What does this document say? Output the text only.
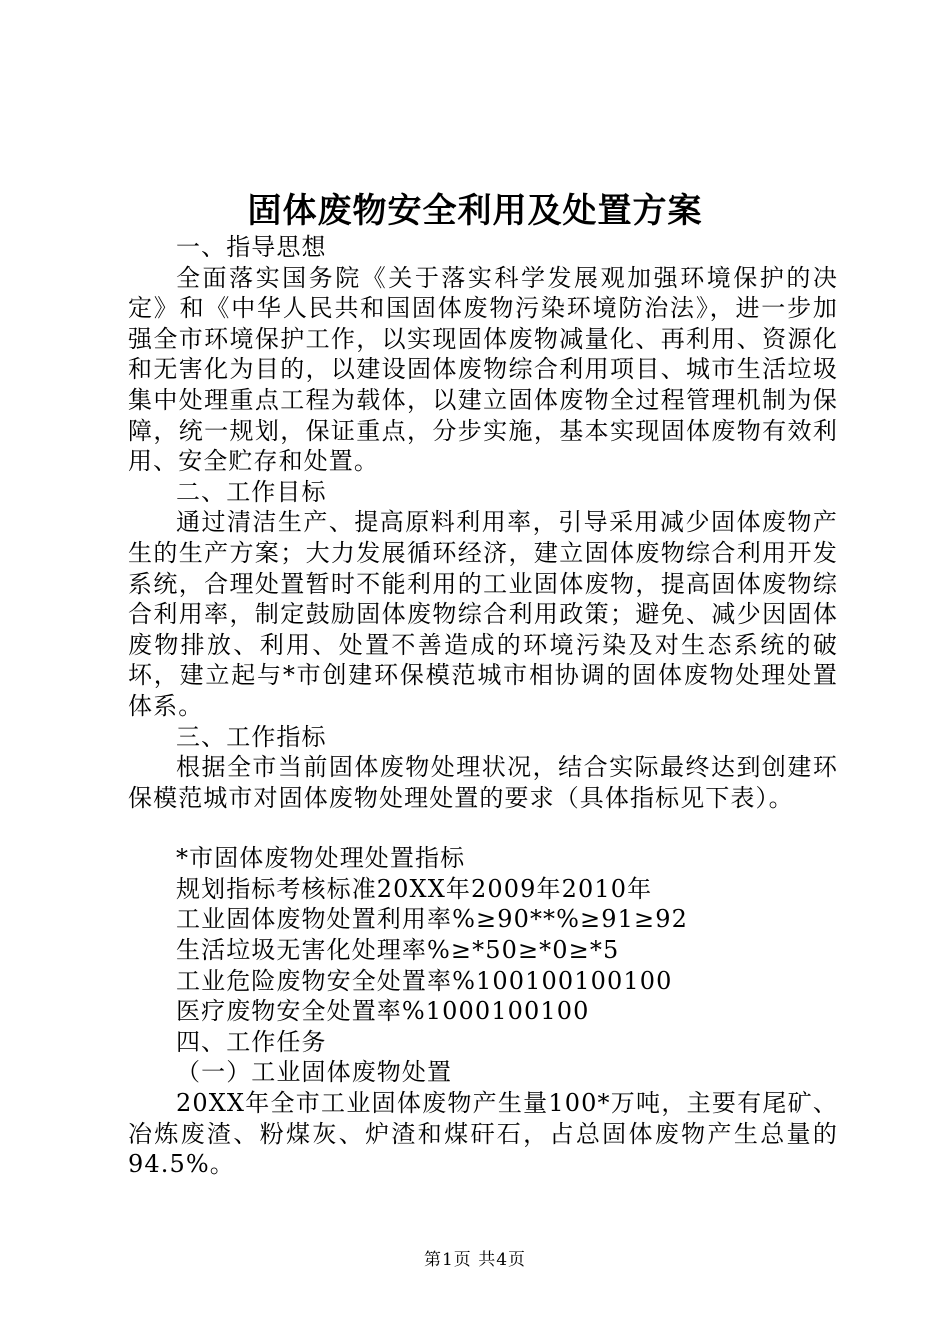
固体废物安全利用及处置方案

一、指导思想

全面落实国务院《关于落实科学发展观加强环境保护的决定》和《中华人民共和国固体废物污染环境防治法》，进一步加强全市环境保护工作，以实现固体废物减量化、再利用、资源化和无害化为目的，以建设固体废物综合利用项目、城市生活垃圾集中处理重点工程为载体，以建立固体废物全过程管理机制为保障，统一规划，保证重点，分步实施，基本实现固体废物有效利用、安全贮存和处置。

二、工作目标

通过清洁生产、提高原料利用率，引导采用减少固体废物产生的生产方案；大力发展循环经济，建立固体废物综合利用开发系统，合理处置暂时不能利用的工业固体废物，提高固体废物综合利用率，制定鼓励固体废物综合利用政策；避免、减少因固体废物排放、利用、处置不善造成的环境污染及对生态系统的破坏，建立起与*市创建环保模范城市相协调的固体废物处理处置体系。

三、工作指标

根据全市当前固体废物处理状况，结合实际最终达到创建环保模范城市对固体废物处理处置的要求（具体指标见下表）。

*市固体废物处理处置指标

规划指标考核标准20XX年2009年2010年

工业固体废物处置利用率%≥90**%≥91≥92

生活垃圾无害化处理率%≥*50≥*0≥*5

工业危险废物安全处置率%100100100100

医疗废物安全处置率%1000100100

四、工作任务

（一）工业固体废物处置

20XX年全市工业固体废物产生量100*万吨，主要有尾矿、冶炼废渣、粉煤灰、炉渣和煤矸石，占总固体废物产生总量的94.5%。

第1页 共4页
